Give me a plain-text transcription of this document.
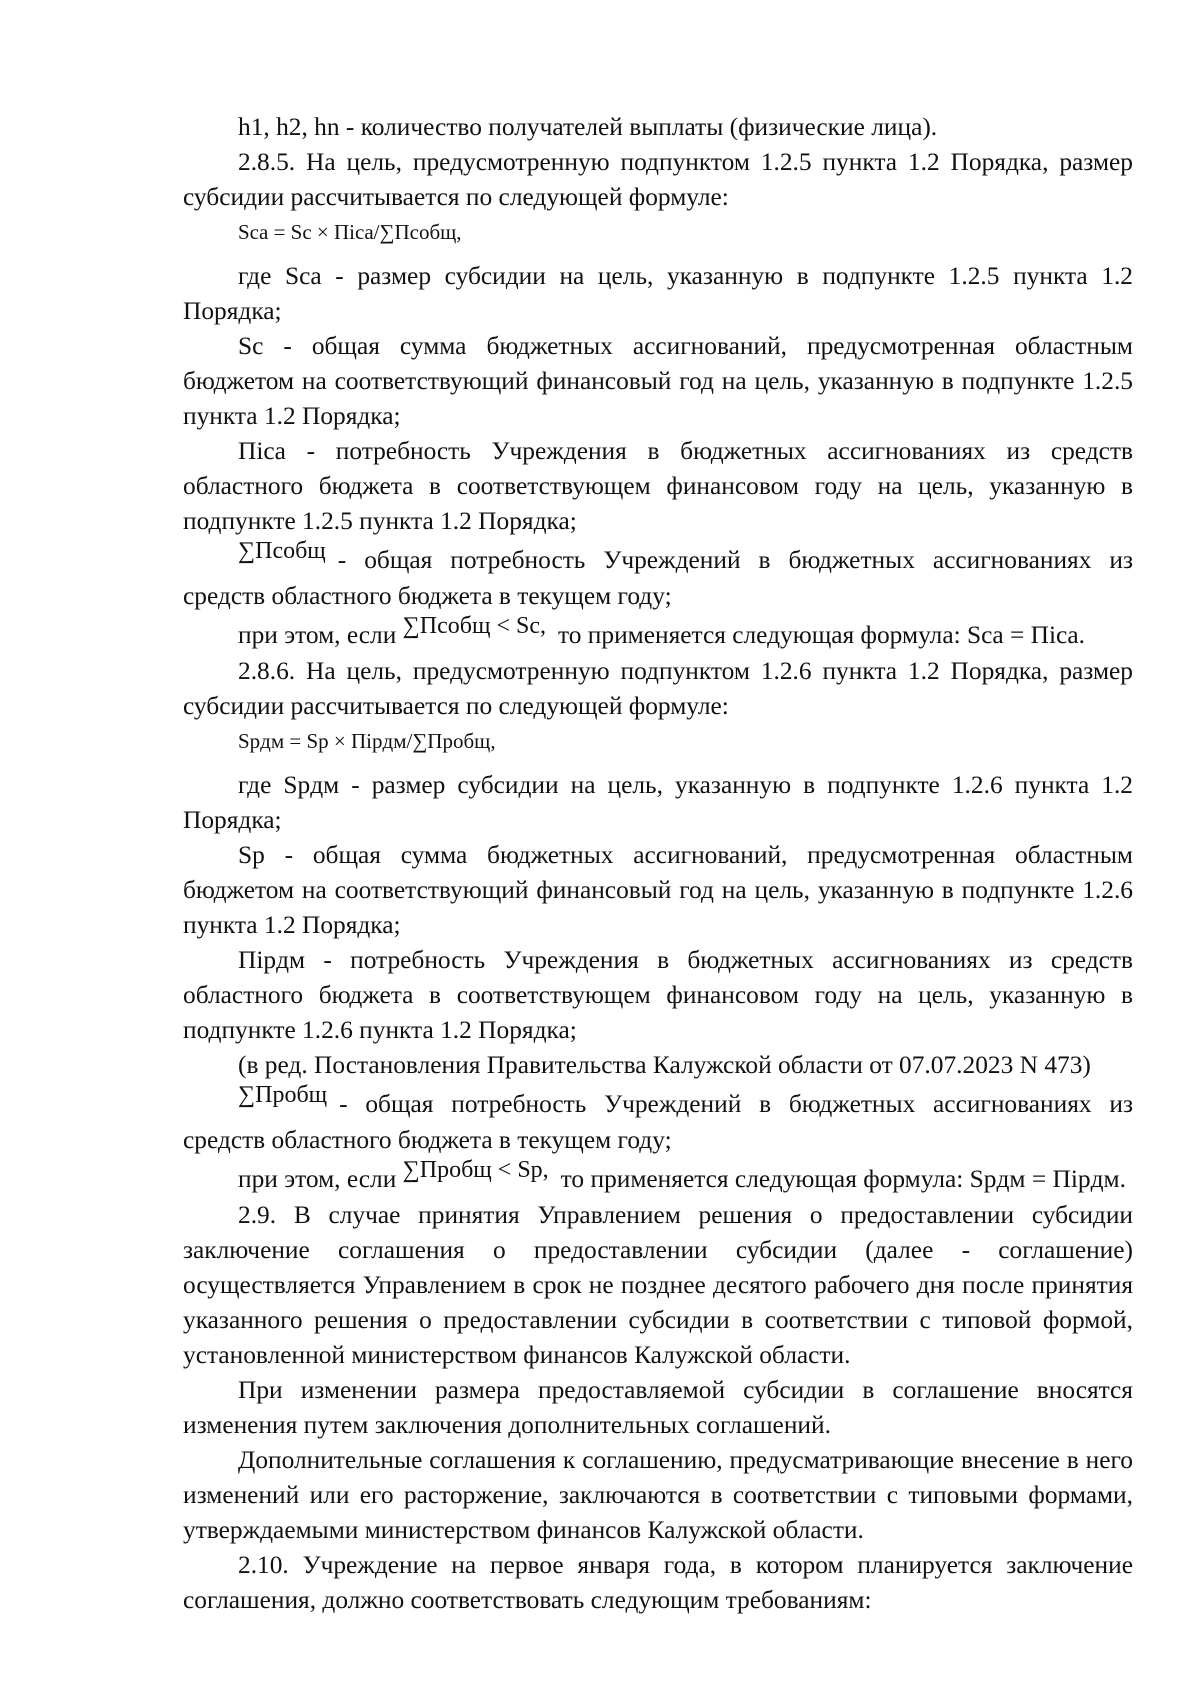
h1, h2, hn - количество получателей выплаты (физические лица).

2.8.5. На цель, предусмотренную подпунктом 1.2.5 пункта 1.2 Порядка, размер субсидии рассчитывается по следующей формуле:

Sca = Sc × Пica/∑Псобщ,

где Sca - размер субсидии на цель, указанную в подпункте 1.2.5 пункта 1.2 Порядка;

Sc - общая сумма бюджетных ассигнований, предусмотренная областным бюджетом на соответствующий финансовый год на цель, указанную в подпункте 1.2.5 пункта 1.2 Порядка;

Пica - потребность Учреждения в бюджетных ассигнованиях из средств областного бюджета в соответствующем финансовом году на цель, указанную в подпункте 1.2.5 пункта 1.2 Порядка;

∑Псобщ - общая потребность Учреждений в бюджетных ассигнованиях из средств областного бюджета в текущем году;

при этом, если ∑Псобщ < Sc, то применяется следующая формула: Sca = Пica.

2.8.6. На цель, предусмотренную подпунктом 1.2.6 пункта 1.2 Порядка, размер субсидии рассчитывается по следующей формуле:

Spдм = Sp × Пipдм/∑Пробщ,

где Spдм - размер субсидии на цель, указанную в подпункте 1.2.6 пункта 1.2 Порядка;

Sp - общая сумма бюджетных ассигнований, предусмотренная областным бюджетом на соответствующий финансовый год на цель, указанную в подпункте 1.2.6 пункта 1.2 Порядка;

Пipдм - потребность Учреждения в бюджетных ассигнованиях из средств областного бюджета в соответствующем финансовом году на цель, указанную в подпункте 1.2.6 пункта 1.2 Порядка;

(в ред. Постановления Правительства Калужской области от 07.07.2023 N 473)

∑Пробщ - общая потребность Учреждений в бюджетных ассигнованиях из средств областного бюджета в текущем году;

при этом, если ∑Пробщ < Sp, то применяется следующая формула: Spдм = Пipдм.

2.9. В случае принятия Управлением решения о предоставлении субсидии заключение соглашения о предоставлении субсидии (далее - соглашение) осуществляется Управлением в срок не позднее десятого рабочего дня после принятия указанного решения о предоставлении субсидии в соответствии с типовой формой, установленной министерством финансов Калужской области.

При изменении размера предоставляемой субсидии в соглашение вносятся изменения путем заключения дополнительных соглашений.

Дополнительные соглашения к соглашению, предусматривающие внесение в него изменений или его расторжение, заключаются в соответствии с типовыми формами, утверждаемыми министерством финансов Калужской области.

2.10. Учреждение на первое января года, в котором планируется заключение соглашения, должно соответствовать следующим требованиям:
